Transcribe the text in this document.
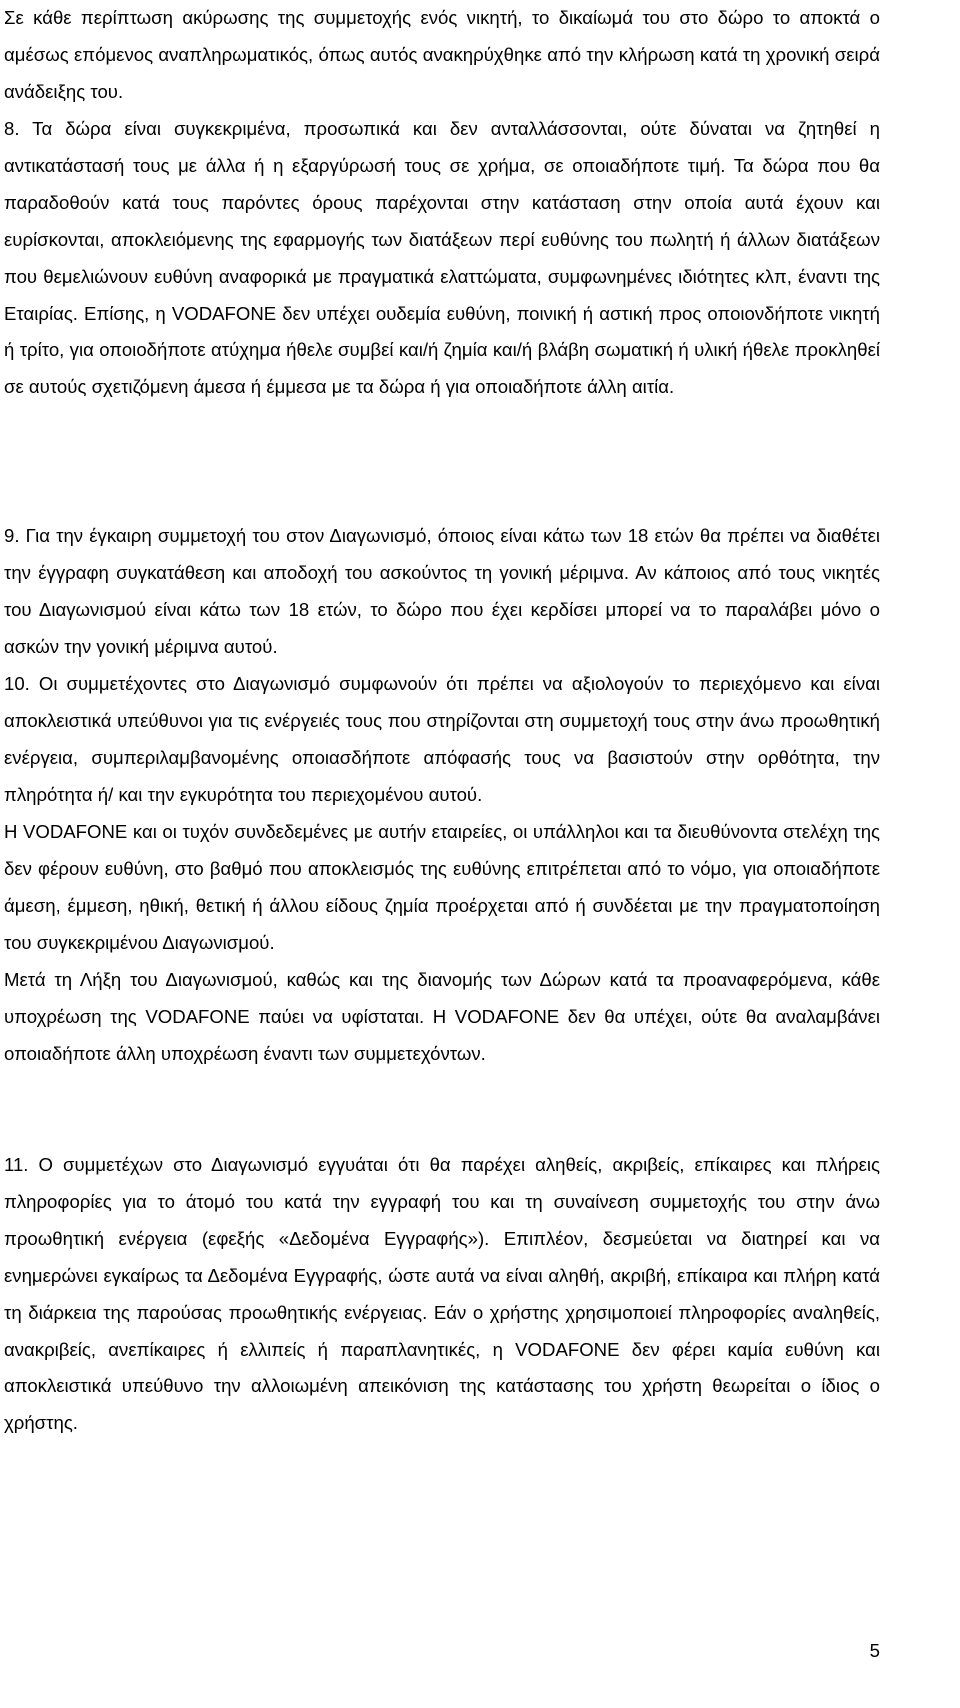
Σε κάθε περίπτωση ακύρωσης της συμμετοχής ενός νικητή, το δικαίωμά του στο δώρο το αποκτά ο αμέσως επόμενος αναπληρωματικός, όπως αυτός ανακηρύχθηκε από την κλήρωση κατά τη χρονική σειρά ανάδειξης του.

8. Τα δώρα είναι συγκεκριμένα, προσωπικά και δεν ανταλλάσσονται, ούτε δύναται να ζητηθεί η αντικατάστασή τους με άλλα ή η εξαργύρωσή τους σε χρήμα, σε οποιαδήποτε τιμή. Τα δώρα που θα παραδοθούν κατά τους παρόντες όρους παρέχονται στην κατάσταση στην οποία αυτά έχουν και ευρίσκονται, αποκλειόμενης της εφαρμογής των διατάξεων περί ευθύνης του πωλητή ή άλλων διατάξεων που θεμελιώνουν ευθύνη αναφορικά με πραγματικά ελαττώματα, συμφωνημένες ιδιότητες κλπ, έναντι της Εταιρίας. Επίσης, η VODAFONE δεν υπέχει ουδεμία ευθύνη, ποινική ή αστική προς οποιονδήποτε νικητή ή τρίτο, για οποιοδήποτε ατύχημα ήθελε συμβεί και/ή ζημία και/ή βλάβη σωματική ή υλική ήθελε προκληθεί σε αυτούς σχετιζόμενη άμεσα ή έμμεσα με τα δώρα ή για οποιαδήποτε άλλη αιτία.

9. Για την έγκαιρη συμμετοχή του στον Διαγωνισμό, όποιος είναι κάτω των 18 ετών θα πρέπει να διαθέτει την έγγραφη συγκατάθεση και αποδοχή του ασκούντος τη γονική μέριμνα. Αν κάποιος από τους νικητές του Διαγωνισμού είναι κάτω των 18 ετών, το δώρο που έχει κερδίσει μπορεί να το παραλάβει μόνο ο ασκών την γονική μέριμνα αυτού.

10. Οι συμμετέχοντες στο Διαγωνισμό συμφωνούν ότι πρέπει να αξιολογούν το περιεχόμενο και είναι αποκλειστικά υπεύθυνοι για τις ενέργειές τους που στηρίζονται στη συμμετοχή τους στην άνω προωθητική ενέργεια, συμπεριλαμβανομένης οποιασδήποτε απόφασής τους να βασιστούν στην ορθότητα, την πληρότητα ή/ και την εγκυρότητα του περιεχομένου αυτού.

Η VODAFONE και οι τυχόν συνδεδεμένες με αυτήν εταιρείες, οι υπάλληλοι και τα διευθύνοντα στελέχη της δεν φέρουν ευθύνη, στο βαθμό που αποκλεισμός της ευθύνης επιτρέπεται από το νόμο, για οποιαδήποτε άμεση, έμμεση, ηθική, θετική ή άλλου είδους ζημία προέρχεται από ή συνδέεται με την πραγματοποίηση του συγκεκριμένου Διαγωνισμού.

Μετά τη Λήξη του Διαγωνισμού, καθώς και της διανομής των Δώρων κατά τα προαναφερόμενα, κάθε υποχρέωση της VODAFONE παύει να υφίσταται. Η VODAFONE δεν θα υπέχει, ούτε θα αναλαμβάνει οποιαδήποτε άλλη υποχρέωση έναντι των συμμετεχόντων.

11. Ο συμμετέχων στο Διαγωνισμό εγγυάται ότι θα παρέχει αληθείς, ακριβείς, επίκαιρες και πλήρεις πληροφορίες για το άτομό του κατά την εγγραφή του και τη συναίνεση συμμετοχής του στην άνω προωθητική ενέργεια (εφεξής «Δεδομένα Εγγραφής»). Επιπλέον, δεσμεύεται να διατηρεί και να ενημερώνει εγκαίρως τα Δεδομένα Εγγραφής, ώστε αυτά να είναι αληθή, ακριβή, επίκαιρα και πλήρη κατά τη διάρκεια της παρούσας προωθητικής ενέργειας. Εάν ο χρήστης χρησιμοποιεί πληροφορίες αναληθείς, ανακριβείς, ανεπίκαιρες ή ελλιπείς ή παραπλανητικές, η VODAFONE δεν φέρει καμία ευθύνη και αποκλειστικά υπεύθυνο την αλλοιωμένη απεικόνιση της κατάστασης του χρήστη θεωρείται ο ίδιος ο χρήστης.

5
